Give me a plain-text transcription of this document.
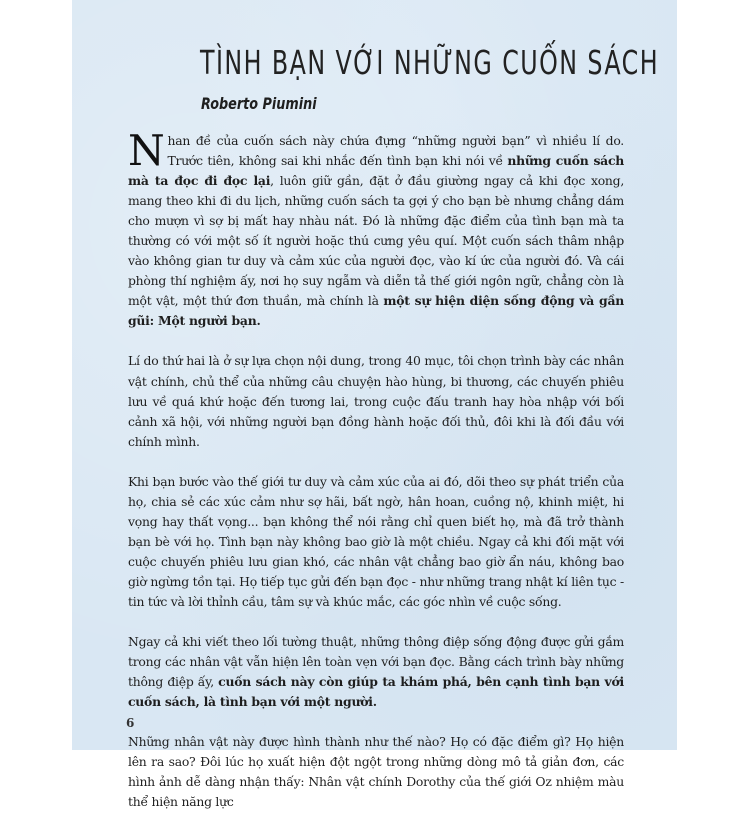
TÌNH BẠN VỚI NHỮNG CUỐN SÁCH
Roberto Piumini

Nhan đề của cuốn sách này chứa đựng “những người bạn” vì nhiều lí do. Trước tiên, không sai khi nhắc đến tình bạn khi nói về những cuốn sách mà ta đọc đi đọc lại, luôn giữ gần, đặt ở đầu giường ngay cả khi đọc xong, mang theo khi đi du lịch, những cuốn sách ta gợi ý cho bạn bè nhưng chẳng dám cho mượn vì sợ bị mất hay nhàu nát. Đó là những đặc điểm của tình bạn mà ta thường có với một số ít người hoặc thú cưng yêu quí. Một cuốn sách thâm nhập vào không gian tư duy và cảm xúc của người đọc, vào kí ức của người đó. Và cái phòng thí nghiệm ấy, nơi họ suy ngẫm và diễn tả thế giới ngôn ngữ, chẳng còn là một vật, một thứ đơn thuần, mà chính là một sự hiện diện sống động và gần gũi: Một người bạn.

Lí do thứ hai là ở sự lựa chọn nội dung, trong 40 mục, tôi chọn trình bày các nhân vật chính, chủ thể của những câu chuyện hào hùng, bi thương, các chuyến phiêu lưu về quá khứ hoặc đến tương lai, trong cuộc đấu tranh hay hòa nhập với bối cảnh xã hội, với những người bạn đồng hành hoặc đối thủ, đôi khi là đối đầu với chính mình.

Khi bạn bước vào thế giới tư duy và cảm xúc của ai đó, dõi theo sự phát triển của họ, chia sẻ các xúc cảm như sợ hãi, bất ngờ, hân hoan, cuồng nộ, khinh miệt, hi vọng hay thất vọng... bạn không thể nói rằng chỉ quen biết họ, mà đã trở thành bạn bè với họ. Tình bạn này không bao giờ là một chiều. Ngay cả khi đối mặt với cuộc chuyến phiêu lưu gian khó, các nhân vật chẳng bao giờ ẩn náu, không bao giờ ngừng tồn tại. Họ tiếp tục gửi đến bạn đọc - như những trang nhật kí liên tục - tin tức và lời thỉnh cầu, tâm sự và khúc mắc, các góc nhìn về cuộc sống.

Ngay cả khi viết theo lối tường thuật, những thông điệp sống động được gửi gắm trong các nhân vật vẫn hiện lên toàn vẹn với bạn đọc. Bằng cách trình bày những thông điệp ấy, cuốn sách này còn giúp ta khám phá, bên cạnh tình bạn với cuốn sách, là tình bạn với một người.

Những nhân vật này được hình thành như thế nào? Họ có đặc điểm gì? Họ hiện lên ra sao? Đôi lúc họ xuất hiện đột ngột trong những dòng mô tả giản đơn, các hình ảnh dễ dàng nhận thấy: Nhân vật chính Dorothy của thế giới Oz nhiệm màu thể hiện năng lực

6
